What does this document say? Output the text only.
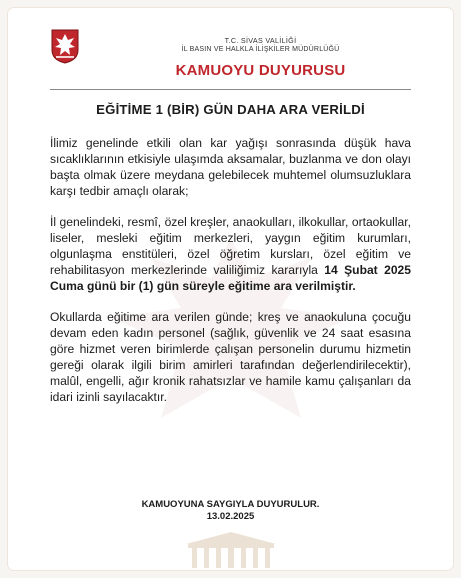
T.C. SİVAS VALİLİĞİ
İL BASIN VE HALKLA İLİŞKİLER MÜDÜRLÜĞÜ
KAMUOYU DUYURUSU
EĞİTİME 1 (BİR) GÜN DAHA ARA VERİLDİ

İlimiz genelinde etkili olan kar yağışı sonrasında düşük hava sıcaklıklarının etkisiyle ulaşımda aksamalar, buzlanma ve don olayı başta olmak üzere meydana gelebilecek muhtemel olumsuzluklara karşı tedbir amaçlı olarak;

İl genelindeki, resmî, özel kreşler, anaokulları, ilkokullar, ortaokullar, liseler, mesleki eğitim merkezleri, yaygın eğitim kurumları, olgunlaşma enstitüleri, özel öğretim kursları, özel eğitim ve rehabilitasyon merkezlerinde valiliğimiz kararıyla 14 Şubat 2025 Cuma günü bir (1) gün süreyle eğitime ara verilmiştir.

Okullarda eğitime ara verilen günde; kreş ve anaokuluna çocuğu devam eden kadın personel (sağlık, güvenlik ve 24 saat esasına göre hizmet veren birimlerde çalışan personelin durumu hizmetin gereği olarak ilgili birim amirleri tarafından değerlendirilecektir), malûl, engelli, ağır kronik rahatsızlar ve hamile kamu çalışanları da idari izinli sayılacaktır.

KAMUOYUNA SAYGIYLA DUYURULUR.
13.02.2025
